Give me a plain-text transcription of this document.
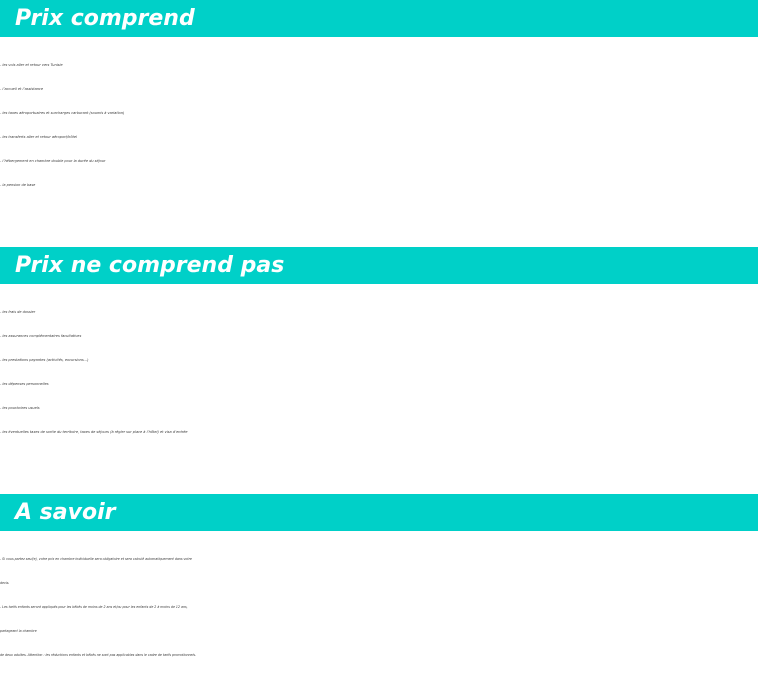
Prix comprend
- les vols aller et retour vers Tunisie
- l’accueil et l’assistance
- les taxes aéroportuaires et surcharges carburant (soumis à variation)
- les transferts aller et retour aéroport/hôtel
- l’hébergement en chambre double pour la durée du séjour
- la pension de base
Prix ne comprend pas
- les frais de dossier
- les assurances complémentaires facultatives
- les prestations payantes (activités, excursions…)
- les dépenses personnelles
- les pourboires usuels
- les éventuelles taxes de sortie du territoire, taxes de séjours (à régler sur place à l’hôtel) et visa d’entrée
A savoir
- Si vous partez seul(e), votre prix en chambre individuelle sera obligatoire et sera calculé automatiquement dans votre
devis.
- Les tarifs enfants seront appliqués pour les bébés de moins de 2 ans et/ou pour les enfants de 2 à moins de 12 ans,
partageant la chambre
de deux adultes. Attention : les réductions enfants et bébés ne sont pas applicables dans le cadre de tarifs promotionnels.
